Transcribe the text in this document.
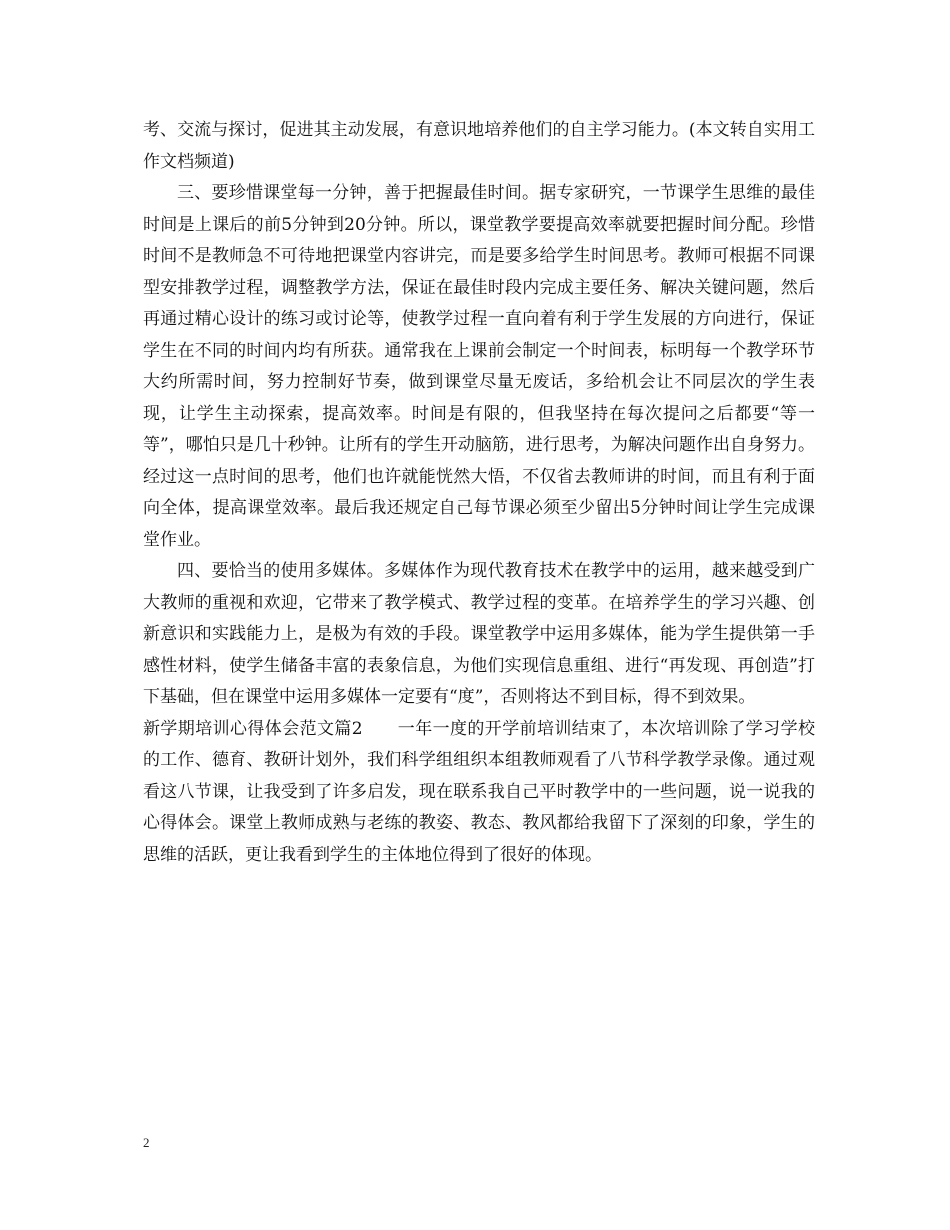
考、交流与探讨，促进其主动发展，有意识地培养他们的自主学习能力。(本文转自实用工作文档频道)

三、要珍惜课堂每一分钟，善于把握最佳时间。据专家研究，一节课学生思维的最佳时间是上课后的前5分钟到20分钟。所以，课堂教学要提高效率就要把握时间分配。珍惜时间不是教师急不可待地把课堂内容讲完，而是要多给学生时间思考。教师可根据不同课型安排教学过程，调整教学方法，保证在最佳时段内完成主要任务、解决关键问题，然后再通过精心设计的练习或讨论等，使教学过程一直向着有利于学生发展的方向进行，保证学生在不同的时间内均有所获。通常我在上课前会制定一个时间表，标明每一个教学环节大约所需时间，努力控制好节奏，做到课堂尽量无废话，多给机会让不同层次的学生表现，让学生主动探索，提高效率。时间是有限的，但我坚持在每次提问之后都要“等一等”，哪怕只是几十秒钟。让所有的学生开动脑筋，进行思考，为解决问题作出自身努力。经过这一点时间的思考，他们也许就能恍然大悟，不仅省去教师讲的时间，而且有利于面向全体，提高课堂效率。最后我还规定自己每节课必须至少留出5分钟时间让学生完成课堂作业。

四、要恰当的使用多媒体。多媒体作为现代教育技术在教学中的运用，越来越受到广大教师的重视和欢迎，它带来了教学模式、教学过程的变革。在培养学生的学习兴趣、创新意识和实践能力上，是极为有效的手段。课堂教学中运用多媒体，能为学生提供第一手感性材料，使学生储备丰富的表象信息，为他们实现信息重组、进行“再发现、再创造”打下基础，但在课堂中运用多媒体一定要有“度”，否则将达不到目标，得不到效果。

新学期培训心得体会范文篇2　　一年一度的开学前培训结束了，本次培训除了学习学校的工作、德育、教研计划外，我们科学组组织本组教师观看了八节科学教学录像。通过观看这八节课，让我受到了许多启发，现在联系我自己平时教学中的一些问题，说一说我的心得体会。课堂上教师成熟与老练的教姿、教态、教风都给我留下了深刻的印象，学生的思维的活跃，更让我看到学生的主体地位得到了很好的体现。

2
